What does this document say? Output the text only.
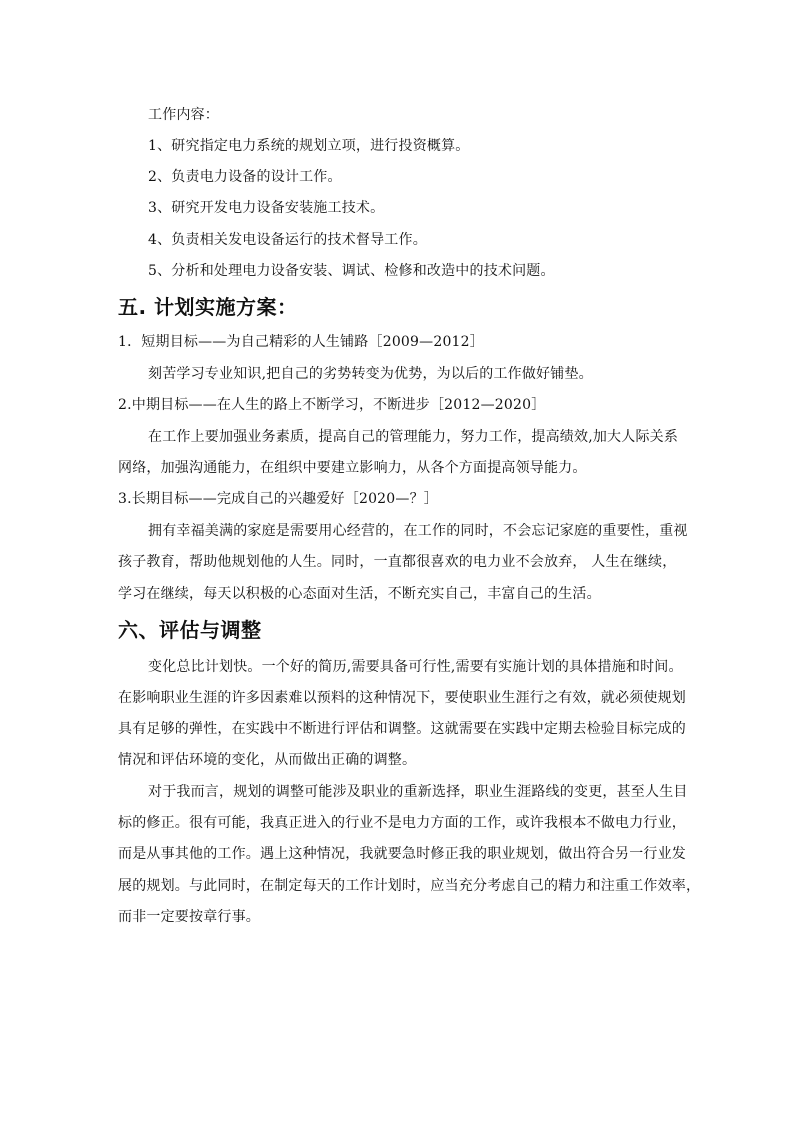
工作内容：
1、研究指定电力系统的规划立项，进行投资概算。
2、负责电力设备的设计工作。
3、研究开发电力设备安装施工技术。
4、负责相关发电设备运行的技术督导工作。
5、分析和处理电力设备安装、调试、检修和改造中的技术问题。
五. 计划实施方案：
1．短期目标——为自己精彩的人生铺路［2009—2012］
刻苦学习专业知识,把自己的劣势转变为优势，为以后的工作做好铺垫。
2.中期目标——在人生的路上不断学习，不断进步［2012—2020］
在工作上要加强业务素质，提高自己的管理能力，努力工作，提高绩效,加大人际关系
网络，加强沟通能力，在组织中要建立影响力，从各个方面提高领导能力。
3.长期目标——完成自己的兴趣爱好［2020—？］
拥有幸福美满的家庭是需要用心经营的，在工作的同时，不会忘记家庭的重要性，重视
孩子教育，帮助他规划他的人生。同时，一直都很喜欢的电力业不会放弃， 人生在继续，
学习在继续，每天以积极的心态面对生活，不断充实自己，丰富自己的生活。
六、评估与调整
变化总比计划快。一个好的简历,需要具备可行性,需要有实施计划的具体措施和时间。
在影响职业生涯的许多因素难以预料的这种情况下，要使职业生涯行之有效，就必须使规划
具有足够的弹性，在实践中不断进行评估和调整。这就需要在实践中定期去检验目标完成的
情况和评估环境的变化，从而做出正确的调整。
对于我而言，规划的调整可能涉及职业的重新选择，职业生涯路线的变更，甚至人生目
标的修正。很有可能，我真正进入的行业不是电力方面的工作，或许我根本不做电力行业，
而是从事其他的工作。遇上这种情况，我就要急时修正我的职业规划，做出符合另一行业发
展的规划。与此同时，在制定每天的工作计划时，应当充分考虑自己的精力和注重工作效率，
而非一定要按章行事。
